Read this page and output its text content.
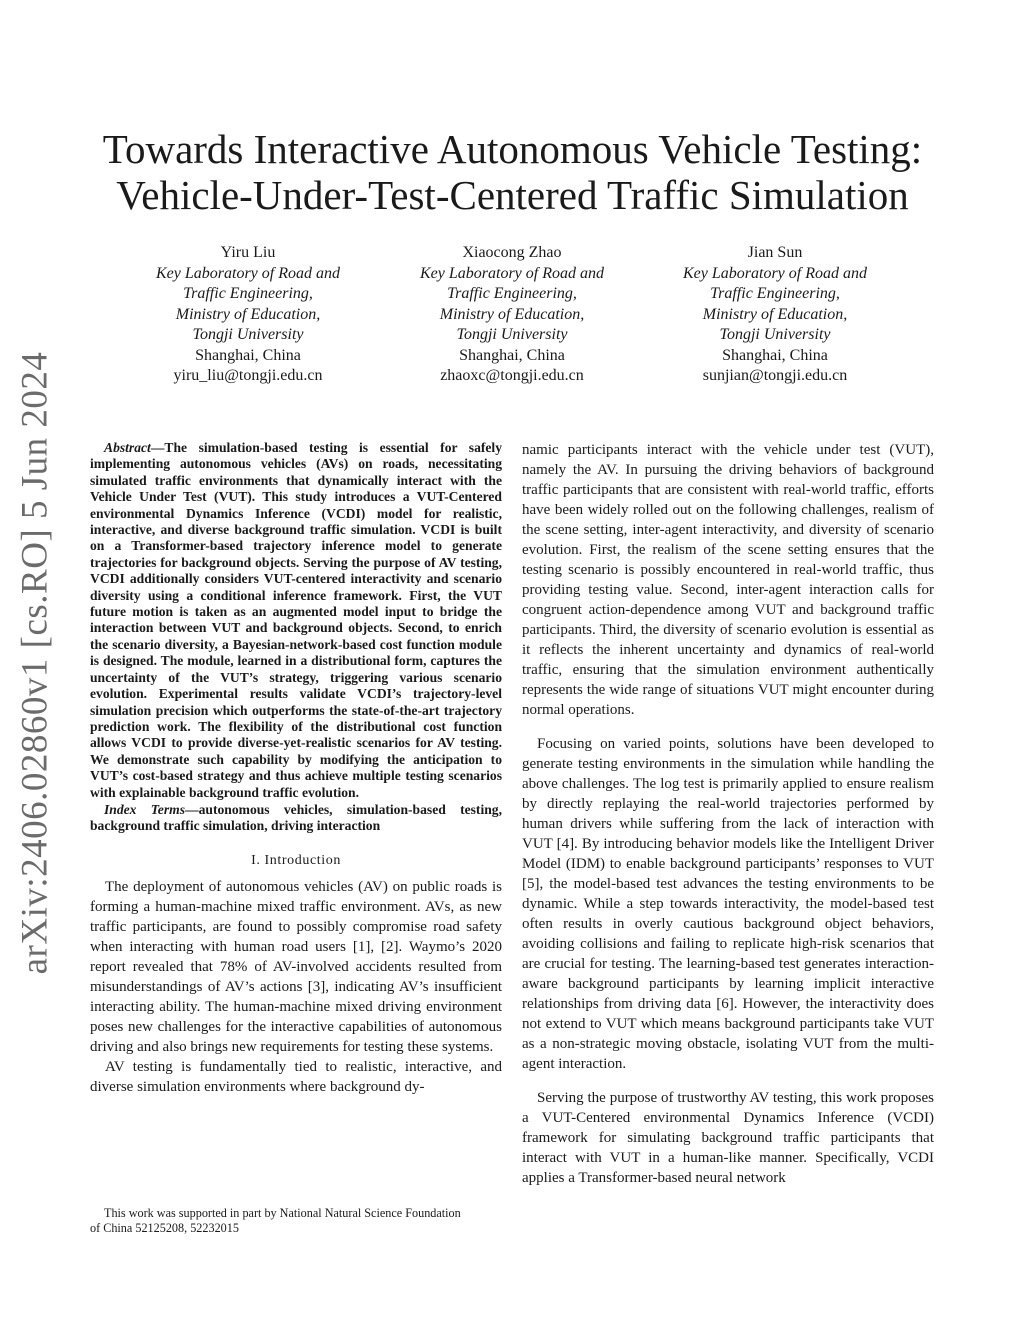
arXiv:2406.02860v1 [cs.RO] 5 Jun 2024
Towards Interactive Autonomous Vehicle Testing:
Vehicle-Under-Test-Centered Traffic Simulation
Yiru Liu
Key Laboratory of Road and
Traffic Engineering,
Ministry of Education,
Tongji University
Shanghai, China
yiru_liu@tongji.edu.cn
Xiaocong Zhao
Key Laboratory of Road and
Traffic Engineering,
Ministry of Education,
Tongji University
Shanghai, China
zhaoxc@tongji.edu.cn
Jian Sun
Key Laboratory of Road and
Traffic Engineering,
Ministry of Education,
Tongji University
Shanghai, China
sunjian@tongji.edu.cn

Abstract—The simulation-based testing is essential for safely implementing autonomous vehicles (AVs) on roads, necessitating simulated traffic environments that dynamically interact with the Vehicle Under Test (VUT). This study introduces a VUT-Centered environmental Dynamics Inference (VCDI) model for realistic, interactive, and diverse background traffic simulation. VCDI is built on a Transformer-based trajectory inference model to generate trajectories for background objects. Serving the purpose of AV testing, VCDI additionally considers VUT-centered interactivity and scenario diversity using a conditional inference framework. First, the VUT future motion is taken as an augmented model input to bridge the interaction between VUT and background objects. Second, to enrich the scenario diversity, a Bayesian-network-based cost function module is designed. The module, learned in a distributional form, captures the uncertainty of the VUT’s strategy, triggering various scenario evolution. Experimental results validate VCDI’s trajectory-level simulation precision which outperforms the state-of-the-art trajectory prediction work. The flexibility of the distributional cost function allows VCDI to provide diverse-yet-realistic scenarios for AV testing. We demonstrate such capability by modifying the anticipation to VUT’s cost-based strategy and thus achieve multiple testing scenarios with explainable background traffic evolution.

Index Terms—autonomous vehicles, simulation-based testing, background traffic simulation, driving interaction

I. Introduction

The deployment of autonomous vehicles (AV) on public roads is forming a human-machine mixed traffic environment. AVs, as new traffic participants, are found to possibly compromise road safety when interacting with human road users [1], [2]. Waymo’s 2020 report revealed that 78% of AV-involved accidents resulted from misunderstandings of AV’s actions [3], indicating AV’s insufficient interacting ability. The human-machine mixed driving environment poses new challenges for the interactive capabilities of autonomous driving and also brings new requirements for testing these systems.

AV testing is fundamentally tied to realistic, interactive, and diverse simulation environments where background dy-

namic participants interact with the vehicle under test (VUT), namely the AV. In pursuing the driving behaviors of background traffic participants that are consistent with real-world traffic, efforts have been widely rolled out on the following challenges, realism of the scene setting, inter-agent interactivity, and diversity of scenario evolution. First, the realism of the scene setting ensures that the testing scenario is possibly encountered in real-world traffic, thus providing testing value. Second, inter-agent interaction calls for congruent action-dependence among VUT and background traffic participants. Third, the diversity of scenario evolution is essential as it reflects the inherent uncertainty and dynamics of real-world traffic, ensuring that the simulation environment authentically represents the wide range of situations VUT might encounter during normal operations.

Focusing on varied points, solutions have been developed to generate testing environments in the simulation while handling the above challenges. The log test is primarily applied to ensure realism by directly replaying the real-world trajectories performed by human drivers while suffering from the lack of interaction with VUT [4]. By introducing behavior models like the Intelligent Driver Model (IDM) to enable background participants’ responses to VUT [5], the model-based test advances the testing environments to be dynamic. While a step towards interactivity, the model-based test often results in overly cautious background object behaviors, avoiding collisions and failing to replicate high-risk scenarios that are crucial for testing. The learning-based test generates interaction-aware background participants by learning implicit interactive relationships from driving data [6]. However, the interactivity does not extend to VUT which means background participants take VUT as a non-strategic moving obstacle, isolating VUT from the multi-agent interaction.

Serving the purpose of trustworthy AV testing, this work proposes a VUT-Centered environmental Dynamics Inference (VCDI) framework for simulating background traffic participants that interact with VUT in a human-like manner. Specifically, VCDI applies a Transformer-based neural network

This work was supported in part by National Natural Science Foundation
of China 52125208, 52232015
